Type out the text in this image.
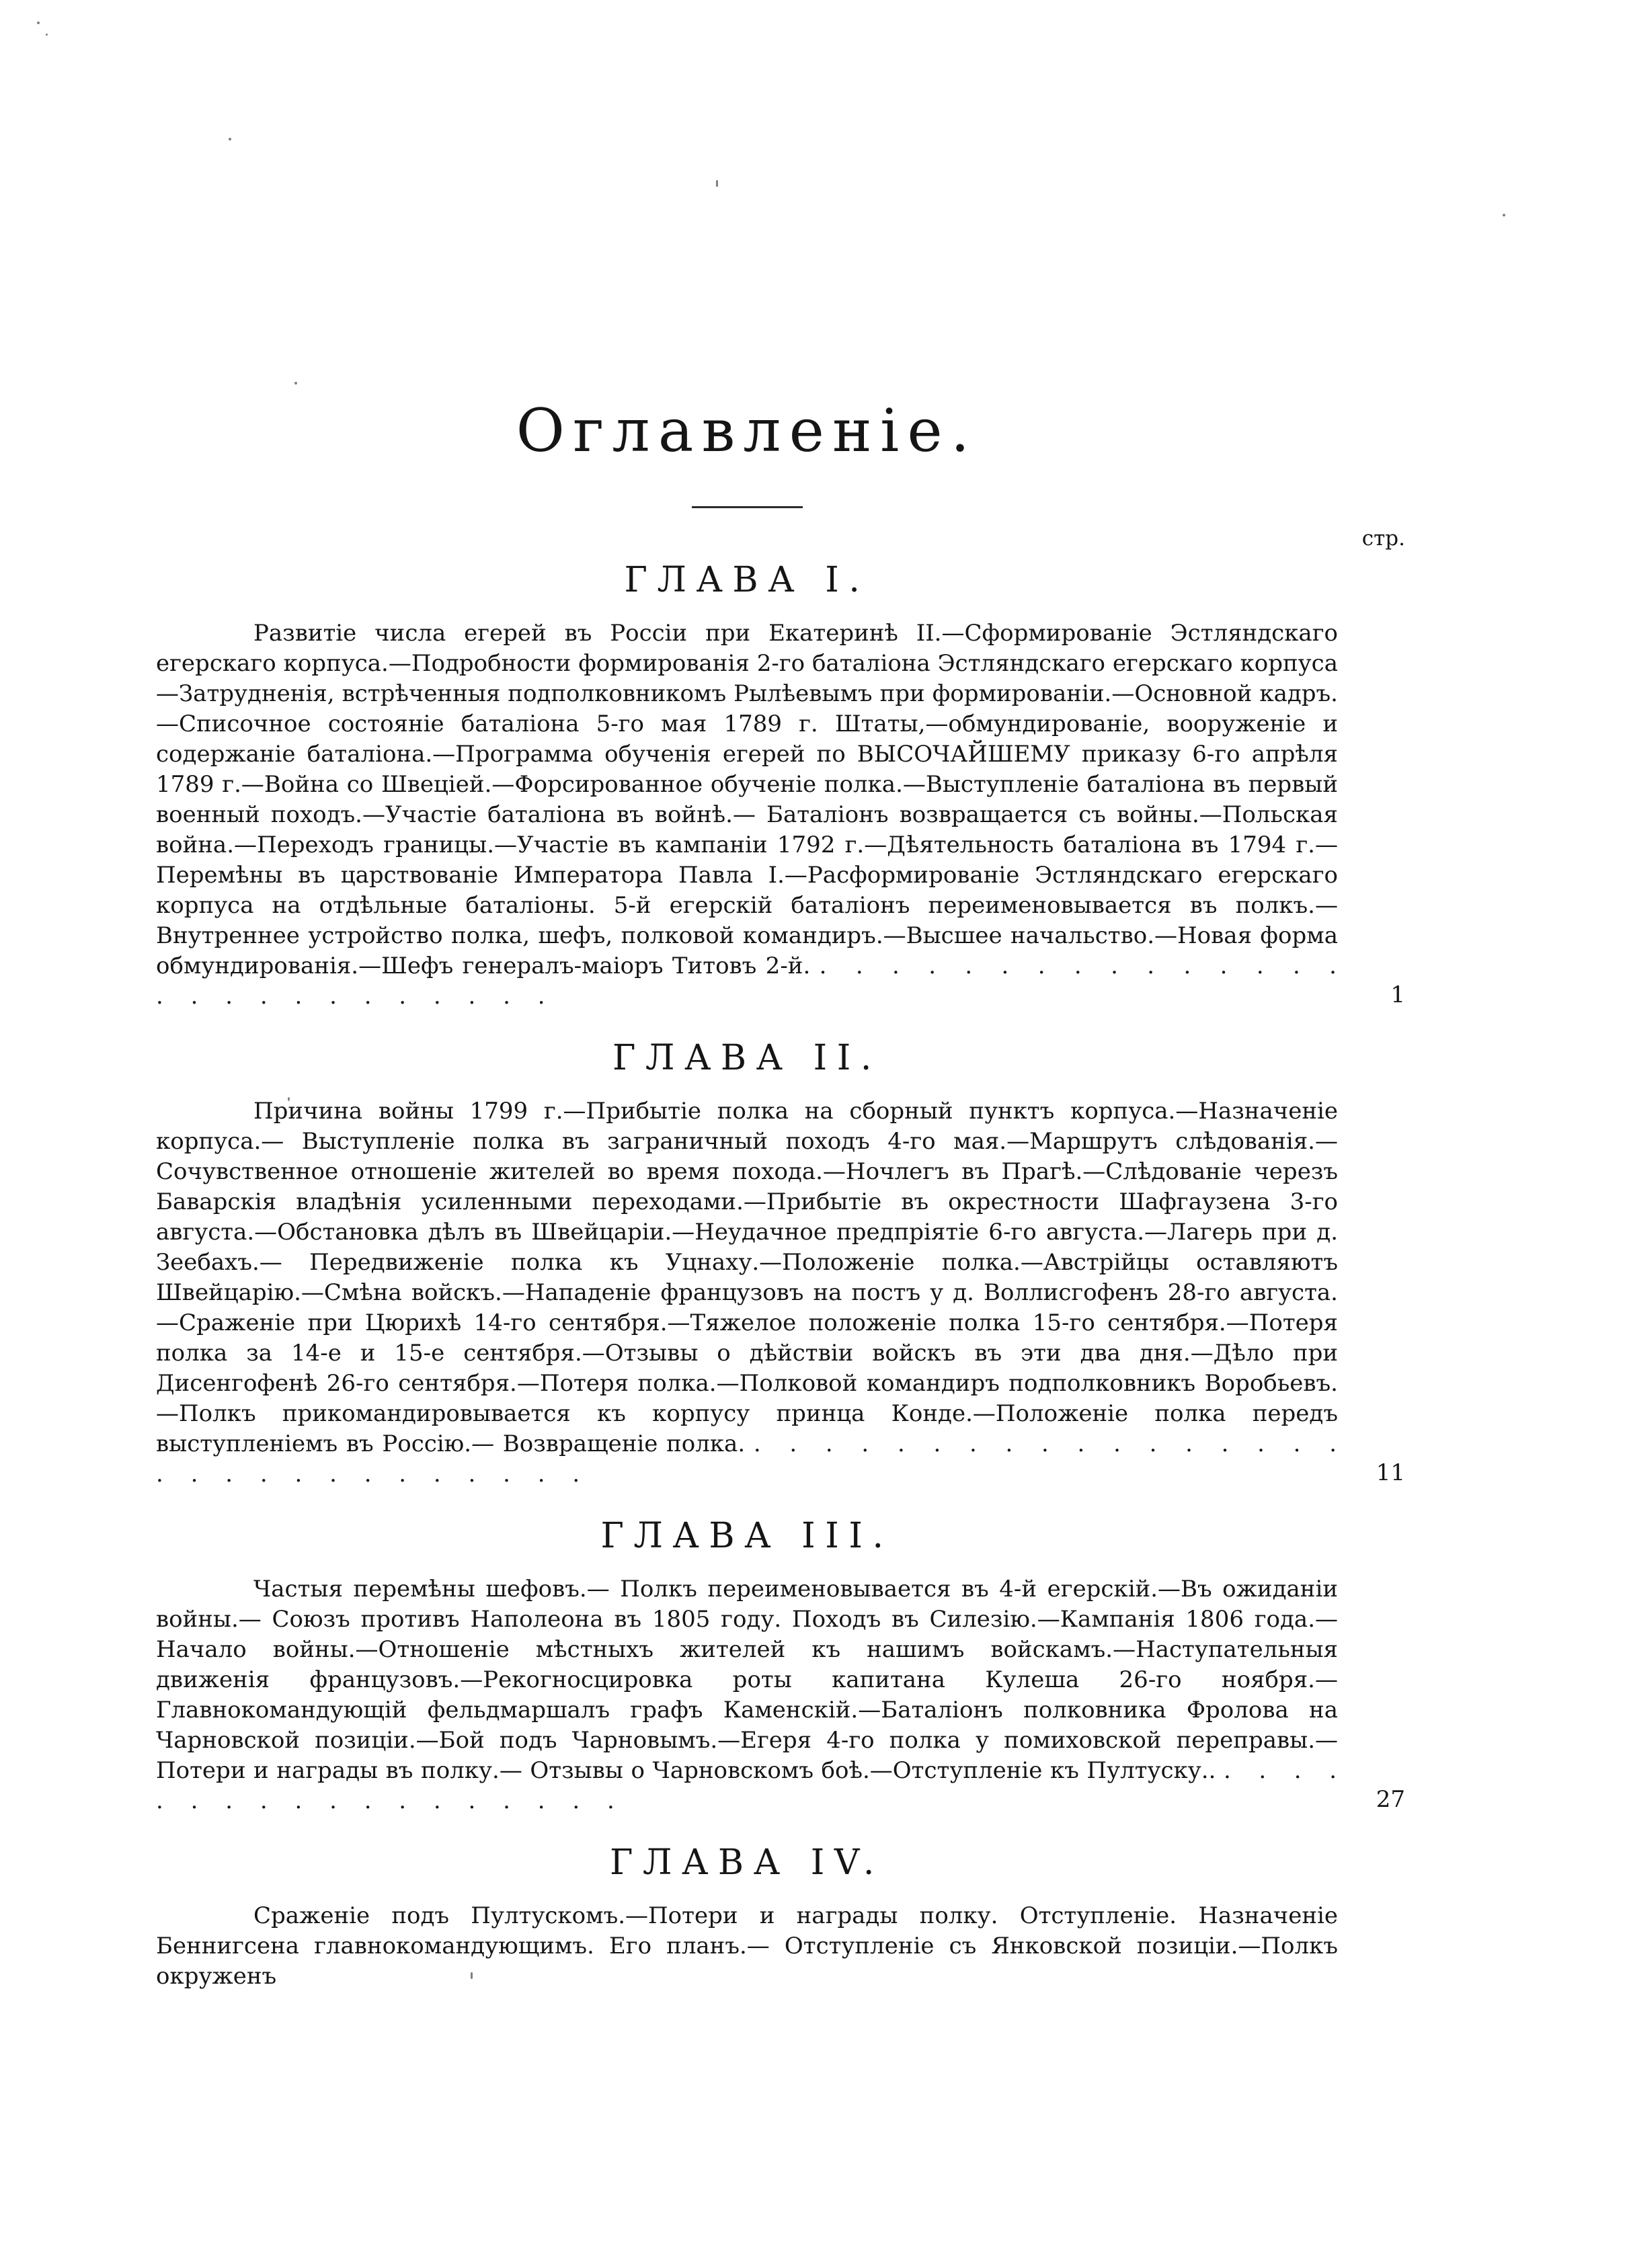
Оглавленіе.
стр.
ГЛАВА I.
Развитіе числа егерей въ Россіи при Екатеринѣ II.—Сформированіе Эстляндскаго егерскаго корпуса.—Подробности формированія 2-го баталіона Эстляндскаго егерскаго корпуса —Затрудненія, встрѣченныя подполковникомъ Рылѣевымъ при формированіи.—Основной кадръ.—Списочное состояніе баталіона 5-го мая 1789 г. Штаты,—обмундированіе, вооруженіе и содержаніе баталіона.—Программа обученія егерей по ВЫСОЧАЙШЕМУ приказу 6-го апрѣля 1789 г.—Война со Швеціей.—Форсированное обученіе полка.—Выступленіе баталіона въ первый военный походъ.—Участіе баталіона въ войнѣ.— Баталіонъ возвращается съ войны.—Польская война.—Переходъ границы.—Участіе въ кампаніи 1792 г.—Дѣятельность баталіона въ 1794 г.—Перемѣны въ царствованіе Императора Павла I.—Расформированіе Эстляндскаго егерскаго корпуса на отдѣльные баталіоны. 5-й егерскій баталіонъ переименовывается въ полкъ.— Внутреннее устройство полка, шефъ, полковой командиръ.—Высшее начальство.—Новая форма обмундированія.—Шефъ генералъ-маіоръ Титовъ 2-й. . . . . . . . . . . . . . . . . . . . . . . . . . . .	1
ГЛАВА II.
Причина войны 1799 г.—Прибытіе полка на сборный пунктъ корпуса.—Назначеніе корпуса.— Выступленіе полка въ заграничный походъ 4-го мая.—Маршрутъ слѣдованія.—Сочувственное отношеніе жителей во время похода.—Ночлегъ въ Прагѣ.—Слѣдованіе черезъ Баварскія владѣнія усиленными переходами.—Прибытіе въ окрестности Шафгаузена 3-го августа.—Обстановка дѣлъ въ Швейцаріи.—Неудачное предпріятіе 6-го августа.—Лагерь при д. Зеебахъ.— Передвиженіе полка къ Уцнаху.—Положеніе полка.—Австрійцы оставляютъ Швейцарію.—Смѣна войскъ.—Нападеніе французовъ на постъ у д. Воллисгофенъ 28-го августа.—Сраженіе при Цюрихѣ 14-го сентября.—Тяжелое положеніе полка 15-го сентября.—Потеря полка за 14-е и 15-е сентября.—Отзывы о дѣйствіи войскъ въ эти два дня.—Дѣло при Дисенгофенѣ 26-го сентября.—Потеря полка.—Полковой командиръ подполковникъ Воробьевъ.—Полкъ прикомандировывается къ корпусу принца Конде.—Положеніе полка передъ выступленіемъ въ Россію.— Возвращеніе полка. . . . . . . . . . . . . . . . . . . . . . . . . . . . . . .	11
ГЛАВА III.
Частыя перемѣны шефовъ.— Полкъ переименовывается въ 4-й егерскій.—Въ ожиданіи войны.— Союзъ противъ Наполеона въ 1805 году. Походъ въ Силезію.—Кампанія 1806 года.—Начало войны.—Отношеніе мѣстныхъ жителей къ нашимъ войскамъ.—Наступательныя движенія французовъ.—Рекогносцировка роты капитана Кулеша 26-го ноября.—Главнокомандующій фельдмаршалъ графъ Каменскій.—Баталіонъ полковника Фролова на Чарновской позиціи.—Бой подъ Чарновымъ.—Егеря 4-го полка у помиховской переправы.—Потери и награды въ полку.— Отзывы о Чарновскомъ боѣ.—Отступленіе къ Пултуску.. . . . . . . . . . . . . . . . . . .	27
ГЛАВА IV.
Сраженіе подъ Пултускомъ.—Потери и награды полку. Отступленіе. Назначеніе Беннигсена главнокомандующимъ. Его планъ.— Отступленіе съ Янковской позиціи.—Полкъ окруженъ
